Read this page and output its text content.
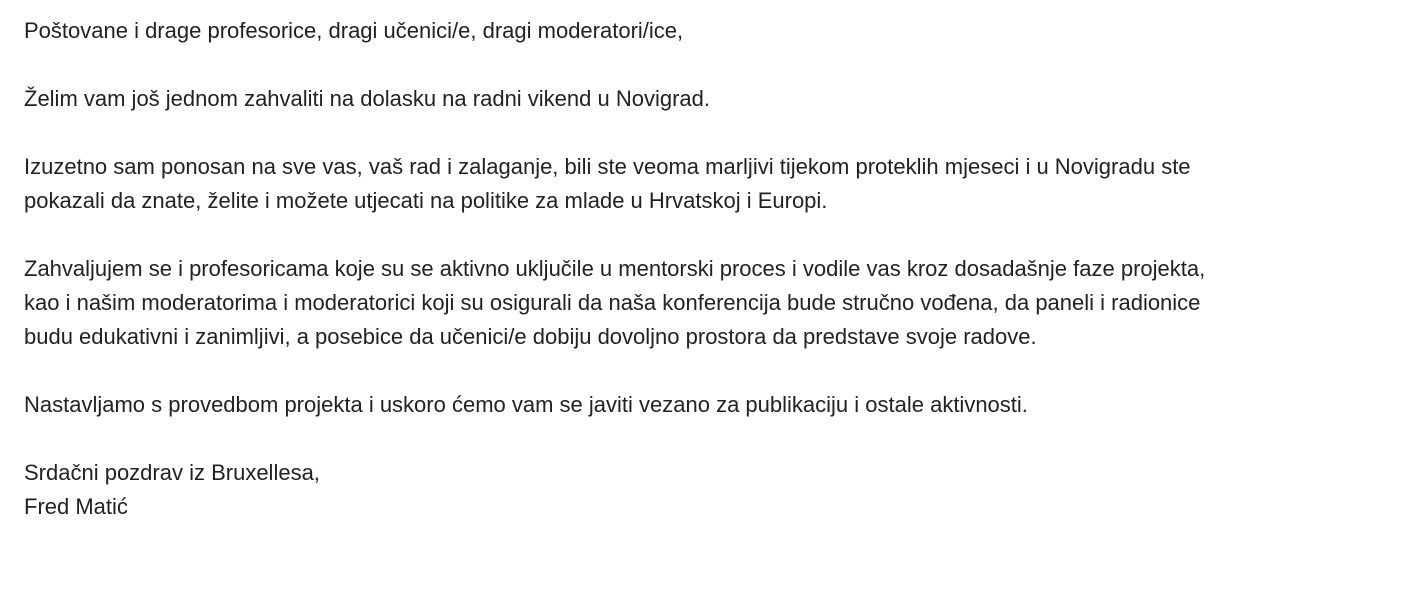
Poštovane i drage profesorice, dragi učenici/e, dragi moderatori/ice,

Želim vam još jednom zahvaliti na dolasku na radni vikend u Novigrad.

Izuzetno sam ponosan na sve vas, vaš rad i zalaganje, bili ste veoma marljivi tijekom proteklih mjeseci i u Novigradu ste
pokazali da znate, želite i možete utjecati na politike za mlade u Hrvatskoj i Europi.

Zahvaljujem se i profesoricama koje su se aktivno uključile u mentorski proces i vodile vas kroz dosadašnje faze projekta,
kao i našim moderatorima i moderatorici koji su osigurali da naša konferencija bude stručno vođena, da paneli i radionice
budu edukativni i zanimljivi, a posebice da učenici/e dobiju dovoljno prostora da predstave svoje radove.

Nastavljamo s provedbom projekta i uskoro ćemo vam se javiti vezano za publikaciju i ostale aktivnosti.

Srdačni pozdrav iz Bruxellesa,

Fred Matić
